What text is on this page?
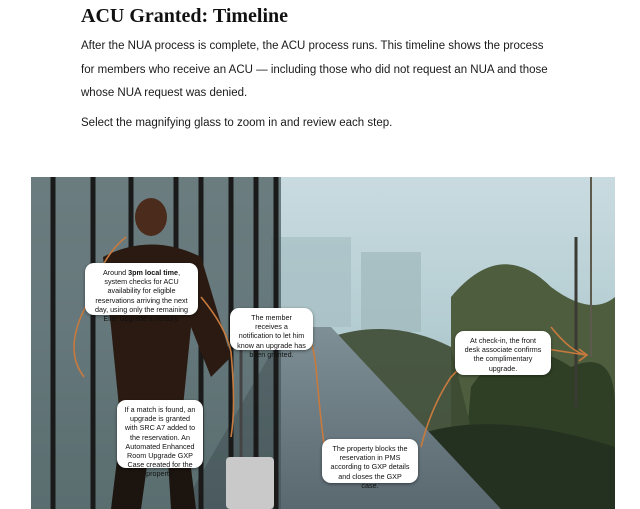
ACU Granted: Timeline

After the NUA process is complete, the ACU process runs. This timeline shows the process for members who receive an ACU — including those who did not request an NUA and those whose NUA request was denied.

Select the magnifying glass to zoom in and review each step.

Around 3pm local time, system checks for ACU availability for eligible reservations arriving the next day, using only the remaining Elite Upgrade inventory.
If a match is found, an upgrade is granted with SRC A7 added to the reservation. An Automated Enhanced Room Upgrade GXP Case created for the property.
The member receives a notification to let him know an upgrade has been granted.
The property blocks the reservation in PMS according to GXP details and closes the GXP case.
At check-in, the front desk associate confirms the complimentary upgrade.
